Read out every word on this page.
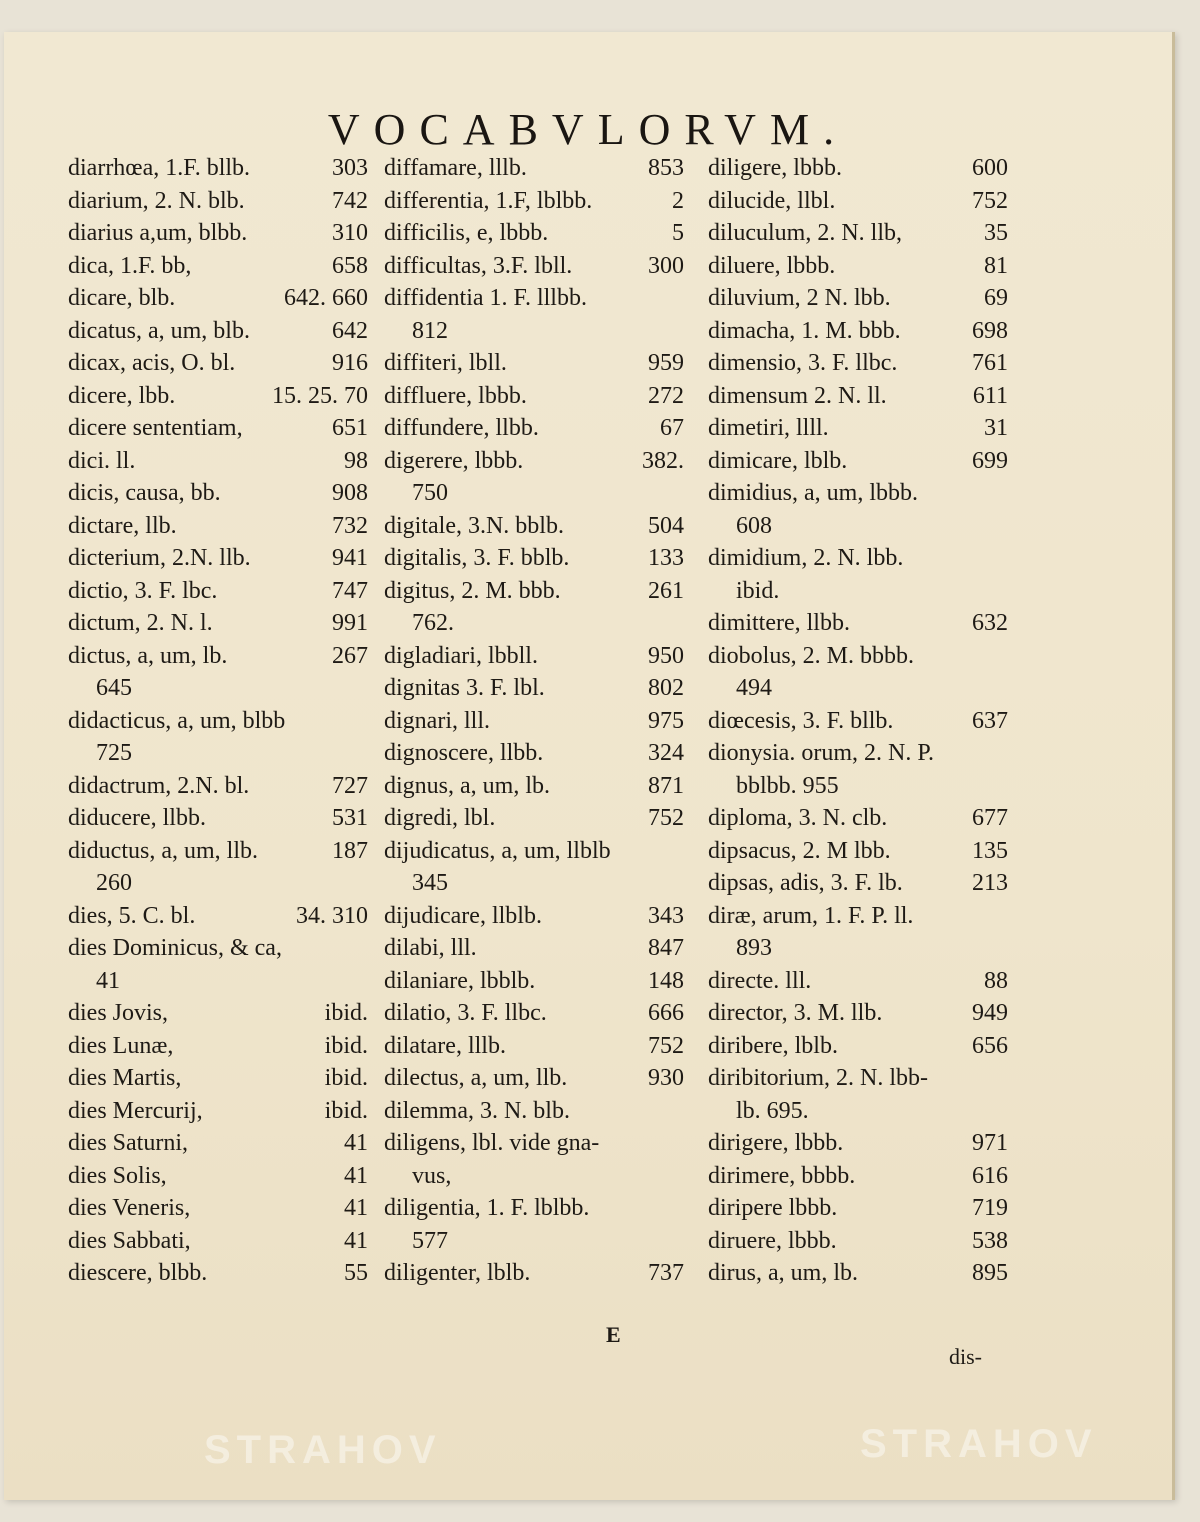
VOCABVLORVM.
diarrhœa, 1.F. bllb.	303
diarium, 2. N. blb.	742
diarius a,um, blbb.	310
dica, 1.F. bb,	658
dicare, blb.	642. 660
dicatus, a, um, blb.	642
dicax, acis, O. bl.	916
dicere, lbb.	15. 25. 70
dicere sententiam,	651
dici. ll.	98
dicis, causa, bb.	908
dictare, llb.	732
dicterium, 2.N. llb.	941
dictio, 3. F. lbc.	747
dictum, 2. N. l.	991
dictus, a, um, lb.	267
645
didacticus, a, um, blbb
725
didactrum, 2.N. bl.	727
diducere, llbb.	531
diductus, a, um, llb.	187
260
dies, 5. C. bl.	34. 310
dies Dominicus, & ca,
41
dies Jovis,	ibid.
dies Lunæ,	ibid.
dies Martis,	ibid.
dies Mercurij,	ibid.
dies Saturni,	41
dies Solis,	41
dies Veneris,	41
dies Sabbati,	41
diescere, blbb.	55
diffamare, lllb.	853
differentia, 1.F, lblbb.	2
difficilis, e, lbbb.	5
difficultas, 3.F. lbll.	300
diffidentia 1. F. lllbb.
812
diffiteri, lbll.	959
diffluere, lbbb.	272
diffundere, llbb.	67
digerere, lbbb.	382.
750
digitale, 3.N. bblb.	504
digitalis, 3. F. bblb.	133
digitus, 2. M. bbb.	261
762.
digladiari, lbbll.	950
dignitas 3. F. lbl.	802
dignari, lll.	975
dignoscere, llbb.	324
dignus, a, um, lb.	871
digredi, lbl.	752
dijudicatus, a, um, llblb
345
dijudicare, llblb.	343
dilabi, lll.	847
dilaniare, lbblb.	148
dilatio, 3. F. llbc.	666
dilatare, lllb.	752
dilectus, a, um, llb.	930
dilemma, 3. N. blb.
diligens, lbl. vide gna-
vus,
diligentia, 1. F. lblbb.
577
diligenter, lblb.	737
diligere, lbbb.	600
dilucide, llbl.	752
diluculum, 2. N. llb,	35
diluere, lbbb.	81
diluvium, 2 N. lbb.	69
dimacha, 1. M. bbb.	698
dimensio, 3. F. llbc.	761
dimensum 2. N. ll.	611
dimetiri, llll.	31
dimicare, lblb.	699
dimidius, a, um, lbbb.
608
dimidium, 2. N. lbb.
ibid.
dimittere, llbb.	632
diobolus, 2. M. bbbb.
494
diœcesis, 3. F. bllb.	637
dionysia. orum, 2. N. P.
bblbb. 955
diploma, 3. N. clb.	677
dipsacus, 2. M lbb.	135
dipsas, adis, 3. F. lb.	213
diræ, arum, 1. F. P. ll.
893
directe. lll.	88
director, 3. M. llb.	949
diribere, lblb.	656
diribitorium, 2. N. lbb-
lb. 695.
dirigere, lbbb.	971
dirimere, bbbb.	616
diripere lbbb.	719
diruere, lbbb.	538
dirus, a, um, lb.	895
E
dis-
STRAHOV	STRAHOV
